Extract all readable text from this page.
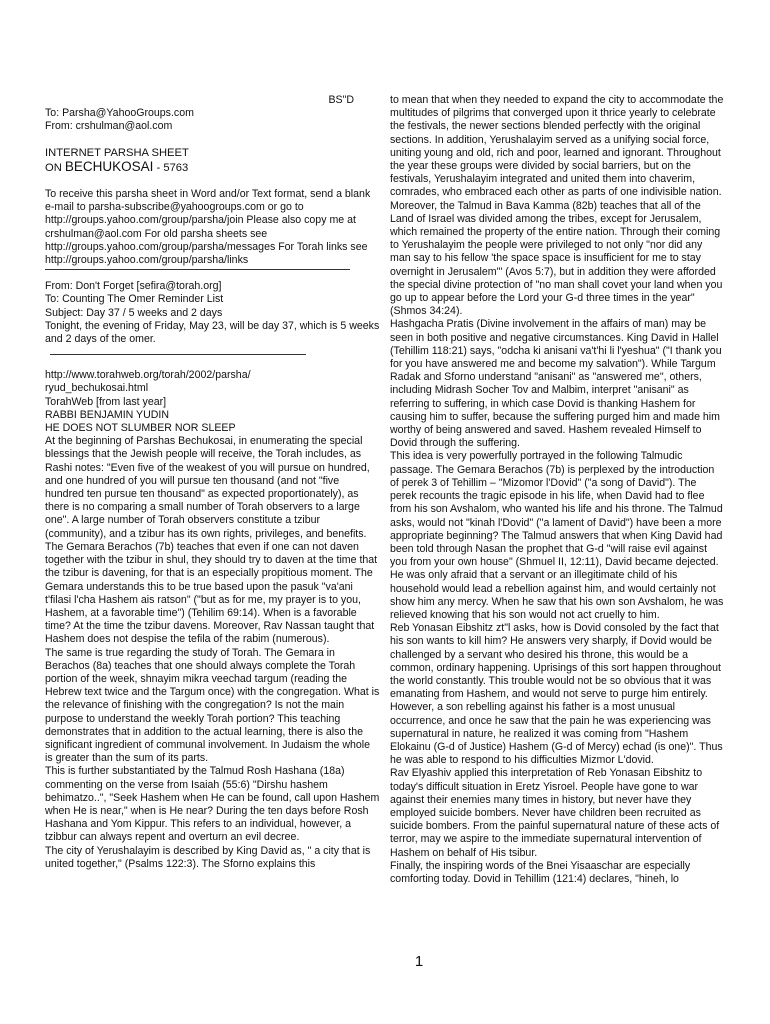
BS"D

To: Parsha@YahooGroups.com

From: crshulman@aol.com

INTERNET PARSHA SHEET

ON BECHUKOSAI - 5763

To receive this parsha sheet in Word and/or Text format, send a blank e-mail to parsha-subscribe@yahoogroups.com or go to http://groups.yahoo.com/group/parsha/join Please also copy me at crshulman@aol.com For old parsha sheets see http://groups.yahoo.com/group/parsha/messages For Torah links see http://groups.yahoo.com/group/parsha/links

From: Don't Forget [sefira@torah.org]

To: Counting The Omer Reminder List

Subject: Day 37 / 5 weeks and 2 days

Tonight, the evening of Friday, May 23, will be day 37, which is 5 weeks and 2 days of the omer.

http://www.torahweb.org/torah/2002/parsha/

ryud_bechukosai.html

TorahWeb [from last year]

RABBI BENJAMIN YUDIN

HE DOES NOT SLUMBER NOR SLEEP

At the beginning of Parshas Bechukosai, in enumerating the special blessings that the Jewish people will receive, the Torah includes, as Rashi notes: "Even five of the weakest of you will pursue on hundred, and one hundred of you will pursue ten thousand (and not "five hundred ten pursue ten thousand" as expected proportionately), as there is no comparing a small number of Torah observers to a large one". A large number of Torah observers constitute a tzibur (community), and a tzibur has its own rights, privileges, and benefits.

The Gemara Berachos (7b) teaches that even if one can not daven together with the tzibur in shul, they should try to daven at the time that the tzibur is davening, for that is an especially propitious moment. The Gemara understands this to be true based upon the pasuk "va'ani t'filasi l'cha Hashem ais ratson" ("but as for me, my prayer is to you, Hashem, at a favorable time") (Tehilim 69:14). When is a favorable time? At the time the tzibur davens. Moreover, Rav Nassan taught that Hashem does not despise the tefila of the rabim (numerous).

The same is true regarding the study of Torah. The Gemara in Berachos (8a) teaches that one should always complete the Torah portion of the week, shnayim mikra veechad targum (reading the Hebrew text twice and the Targum once) with the congregation. What is the relevance of finishing with the congregation? Is not the main purpose to understand the weekly Torah portion? This teaching demonstrates that in addition to the actual learning, there is also the significant ingredient of communal involvement. In Judaism the whole is greater than the sum of its parts.

This is further substantiated by the Talmud Rosh Hashana (18a) commenting on the verse from Isaiah (55:6) "Dirshu hashem behimatzo..", "Seek Hashem when He can be found, call upon Hashem when He is near," when is He near? During the ten days before Rosh Hashana and Yom Kippur. This refers to an individual, however, a tzibbur can always repent and overturn an evil decree.

The city of Yerushalayim is described by King David as, " a city that is united together," (Psalms 122:3). The Sforno explains this

to mean that when they needed to expand the city to accommodate the multitudes of pilgrims that converged upon it thrice yearly to celebrate the festivals, the newer sections blended perfectly with the original sections. In addition, Yerushalayim served as a unifying social force, uniting young and old, rich and poor, learned and ignorant. Throughout the year these groups were divided by social barriers, but on the festivals, Yerushalayim integrated and united them into chaverim, comrades, who embraced each other as parts of one indivisible nation. Moreover, the Talmud in Bava Kamma (82b) teaches that all of the Land of Israel was divided among the tribes, except for Jerusalem, which remained the property of the entire nation. Through their coming to Yerushalayim the people were privileged to not only "nor did any man say to his fellow 'the space space is insufficient for me to stay overnight in Jerusalem'" (Avos 5:7), but in addition they were afforded the special divine protection of "no man shall covet your land when you go up to appear before the Lord your G-d three times in the year" (Shmos 34:24).

Hashgacha Pratis (Divine involvement in the affairs of man) may be seen in both positive and negative circumstances. King David in Hallel (Tehillim 118:21) says, "odcha ki anisani va't'hi li l'yeshua" ("I thank you for you have answered me and become my salvation"). While Targum Radak and Sforno understand "anisani" as "answered me", others, including Midrash Socher Tov and Malbim, interpret "anisani" as referring to suffering, in which case Dovid is thanking Hashem for causing him to suffer, because the suffering purged him and made him worthy of being answered and saved. Hashem revealed Himself to Dovid through the suffering.

This idea is very powerfully portrayed in the following Talmudic passage. The Gemara Berachos (7b) is perplexed by the introduction of perek 3 of Tehillim – "Mizomor l'Dovid" ("a song of David"). The perek recounts the tragic episode in his life, when David had to flee from his son Avshalom, who wanted his life and his throne. The Talmud asks, would not "kinah l'Dovid" ("a lament of David") have been a more appropriate beginning? The Talmud answers that when King David had been told through Nasan the prophet that G-d "will raise evil against you from your own house" (Shmuel II, 12:11), David became dejected. He was only afraid that a servant or an illegitimate child of his household would lead a rebellion against him, and would certainly not show him any mercy. When he saw that his own son Avshalom, he was relieved knowing that his son would not act cruelly to him.

Reb Yonasan Eibshitz zt"l asks, how is Dovid consoled by the fact that his son wants to kill him? He answers very sharply, if Dovid would be challenged by a servant who desired his throne, this would be a common, ordinary happening. Uprisings of this sort happen throughout the world constantly. This trouble would not be so obvious that it was emanating from Hashem, and would not serve to purge him entirely. However, a son rebelling against his father is a most unusual occurrence, and once he saw that the pain he was experiencing was supernatural in nature, he realized it was coming from "Hashem Elokainu (G-d of Justice) Hashem (G-d of Mercy) echad (is one)". Thus he was able to respond to his difficulties Mizmor L'dovid.

Rav Elyashiv applied this interpretation of Reb Yonasan Eibshitz to today's difficult situation in Eretz Yisroel. People have gone to war against their enemies many times in history, but never have they employed suicide bombers. Never have children been recruited as suicide bombers. From the painful supernatural nature of these acts of terror, may we aspire to the immediate supernatural intervention of Hashem on behalf of His tsibur.

Finally, the inspiring words of the Bnei Yisaaschar are especially comforting today. Dovid in Tehillim (121:4) declares, "hineh, lo

1
